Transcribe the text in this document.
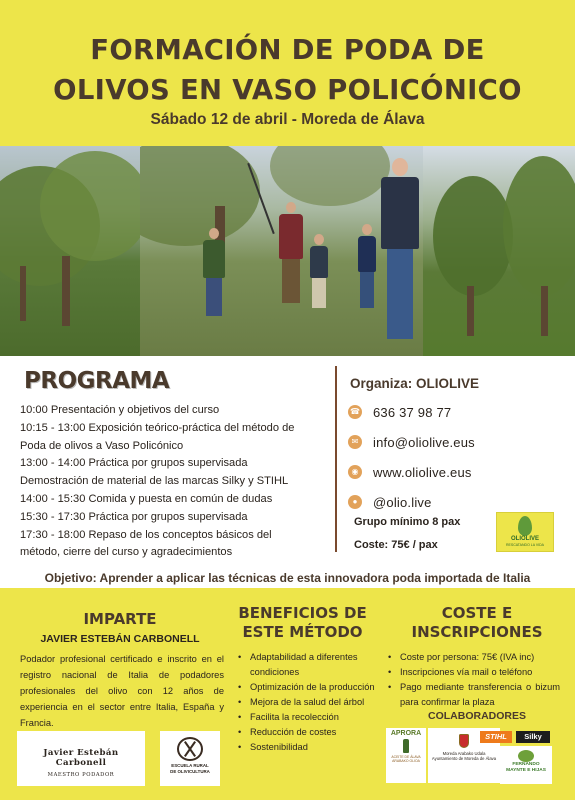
FORMACIÓN DE PODA DE
OLIVOS EN VASO POLICÓNICO
Sábado 12 de abril - Moreda de Álava
PROGRAMA
10:00 Presentación y objetivos del curso
10:15 - 13:00 Exposición teórico-práctica del método de
Poda de olivos a Vaso Policónico
13:00 - 14:00 Práctica por grupos supervisada
Demostración de material de las marcas Silky y STIHL
14:00 - 15:30 Comida y puesta en común de dudas
15:30 - 17:30 Práctica por grupos supervisada
17:30 - 18:00 Repaso de los conceptos básicos del
método, cierre del curso y agradecimientos
Organiza: OLIOLIVE
☎ 636 37 98 77
✉ info@oliolive.eus
◉ www.oliolive.eus
●	@olio.live
Grupo mínimo 8 pax
Coste: 75€ / pax	OLIOLIVE
RESCATANDO LA VIDA
Objetivo: Aprender a aplicar las técnicas de esta innovadora poda importada de Italia
IMPARTE
JAVIER ESTEBÁN CARBONELL
Podador profesional certificado e inscrito en el registro nacional de Italia de podadores profesionales del olivo con 12 años de experiencia en el sector entre Italia, España y Francia.
Javier Estebán Carbonell
MAESTRO PODADOR
ESCUELA RURAL
DE OLIVICULTURA
BENEFICIOS DE
ESTE MÉTODO
• Adaptabilidad a diferentes condiciones
• Optimización de la producción
• Mejora de la salud del árbol
• Facilita la recolección
• Reducción de costes
• Sostenibilidad
COSTE E
INSCRIPCIONES
• Coste por persona: 75€ (IVA inc)
• Inscripciones vía mail o teléfono
• Pago mediante transferencia o bizum para confirmar la plaza
COLABORADORES
APRORA
ACEITE DE ÁLAVA
ARABAKO OLIOA
Moreda Arabako Udala
Ayuntamiento de Moreda de Álava
STIHL	Silky
FERNANDO
MAYNTE E HIJAS
